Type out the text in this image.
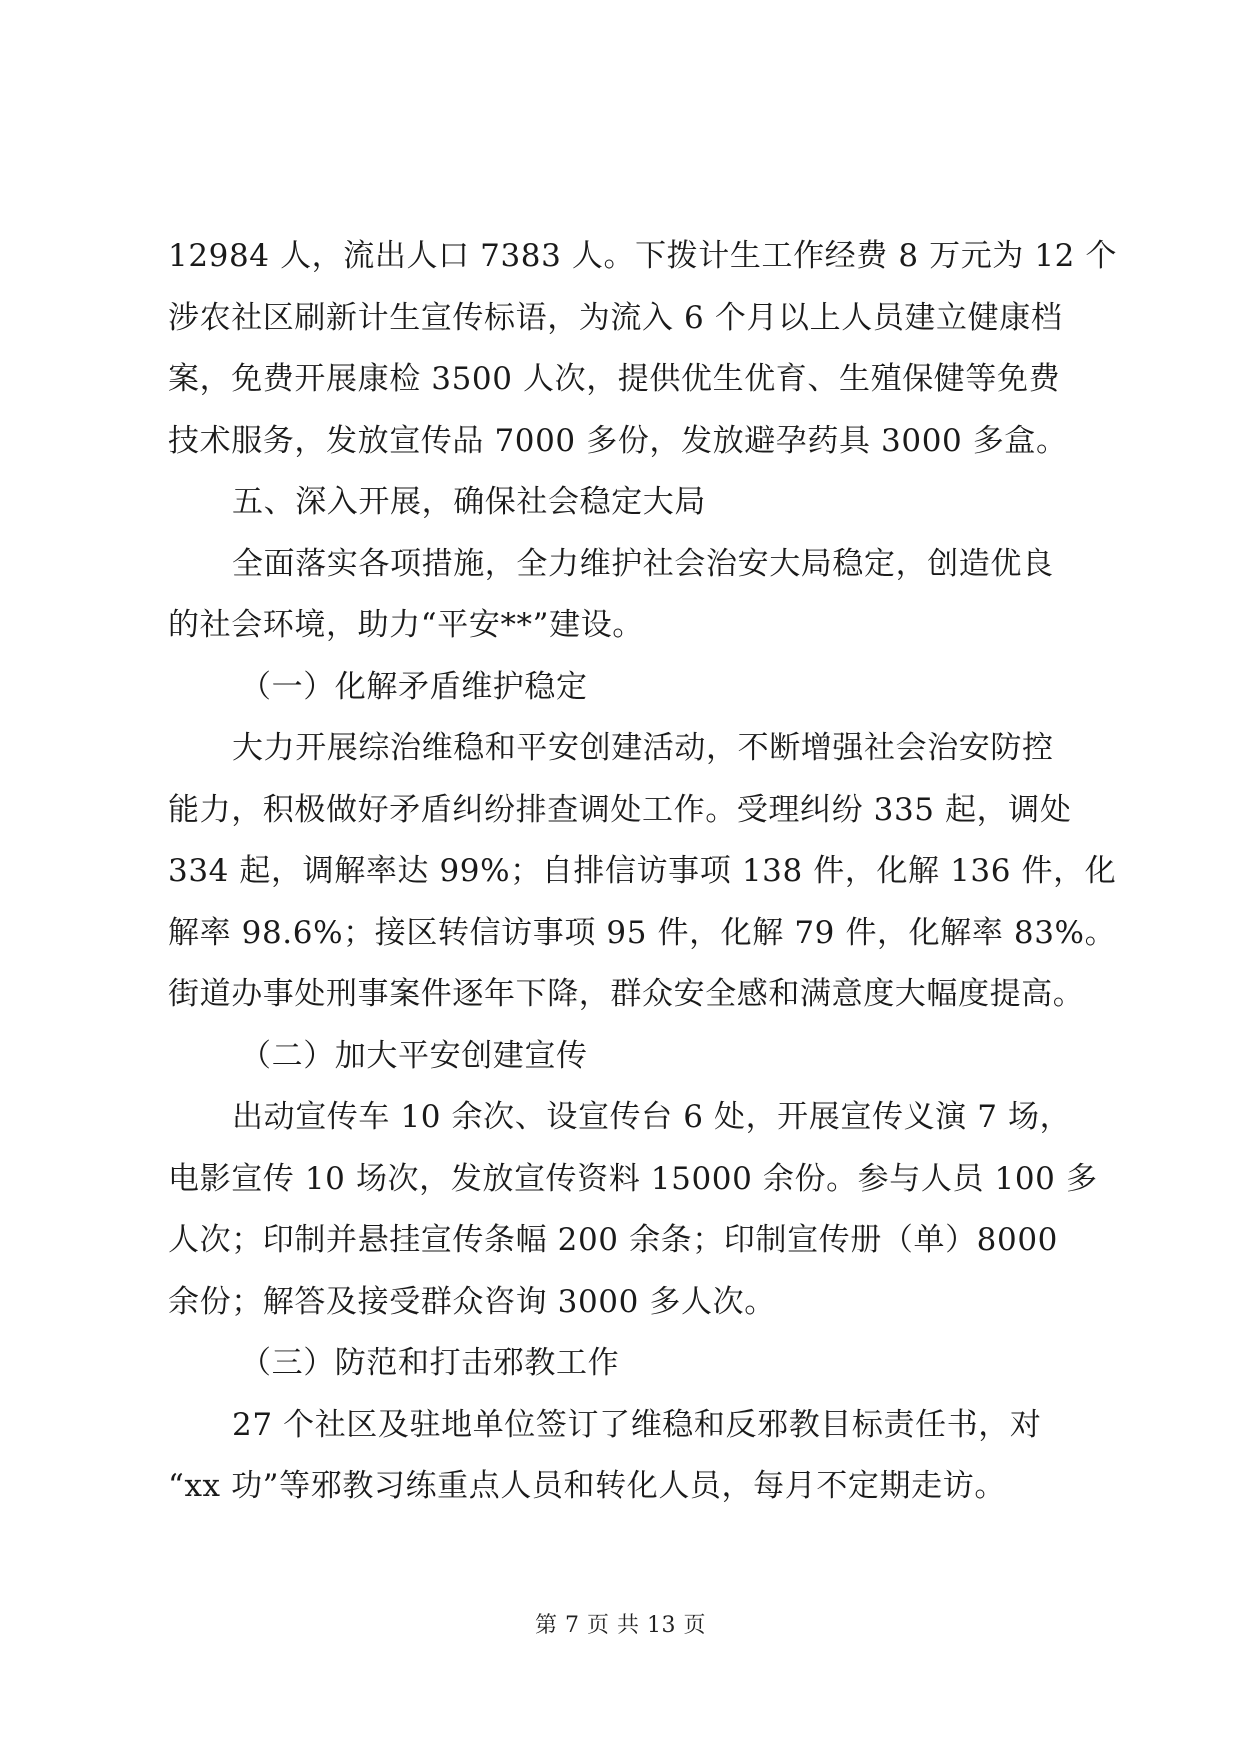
12984 人，流出人口 7383 人。下拨计生工作经费 8 万元为 12 个
涉农社区刷新计生宣传标语，为流入 6 个月以上人员建立健康档
案，免费开展康检 3500 人次，提供优生优育、生殖保健等免费
技术服务，发放宣传品 7000 多份，发放避孕药具 3000 多盒。
五、深入开展，确保社会稳定大局
全面落实各项措施，全力维护社会治安大局稳定，创造优良
的社会环境，助力“平安**”建设。
（一）化解矛盾维护稳定
大力开展综治维稳和平安创建活动，不断增强社会治安防控
能力，积极做好矛盾纠纷排查调处工作。受理纠纷 335 起，调处
334 起，调解率达 99%；自排信访事项 138 件，化解 136 件，化
解率 98.6%；接区转信访事项 95 件，化解 79 件，化解率 83%。
街道办事处刑事案件逐年下降，群众安全感和满意度大幅度提高。
（二）加大平安创建宣传
出动宣传车 10 余次、设宣传台 6 处，开展宣传义演 7 场，
电影宣传 10 场次，发放宣传资料 15000 余份。参与人员 100 多
人次；印制并悬挂宣传条幅 200 余条；印制宣传册（单）8000
余份；解答及接受群众咨询 3000 多人次。
（三）防范和打击邪教工作
27 个社区及驻地单位签订了维稳和反邪教目标责任书，对
“xx 功”等邪教习练重点人员和转化人员，每月不定期走访。
第 7 页 共 13 页
